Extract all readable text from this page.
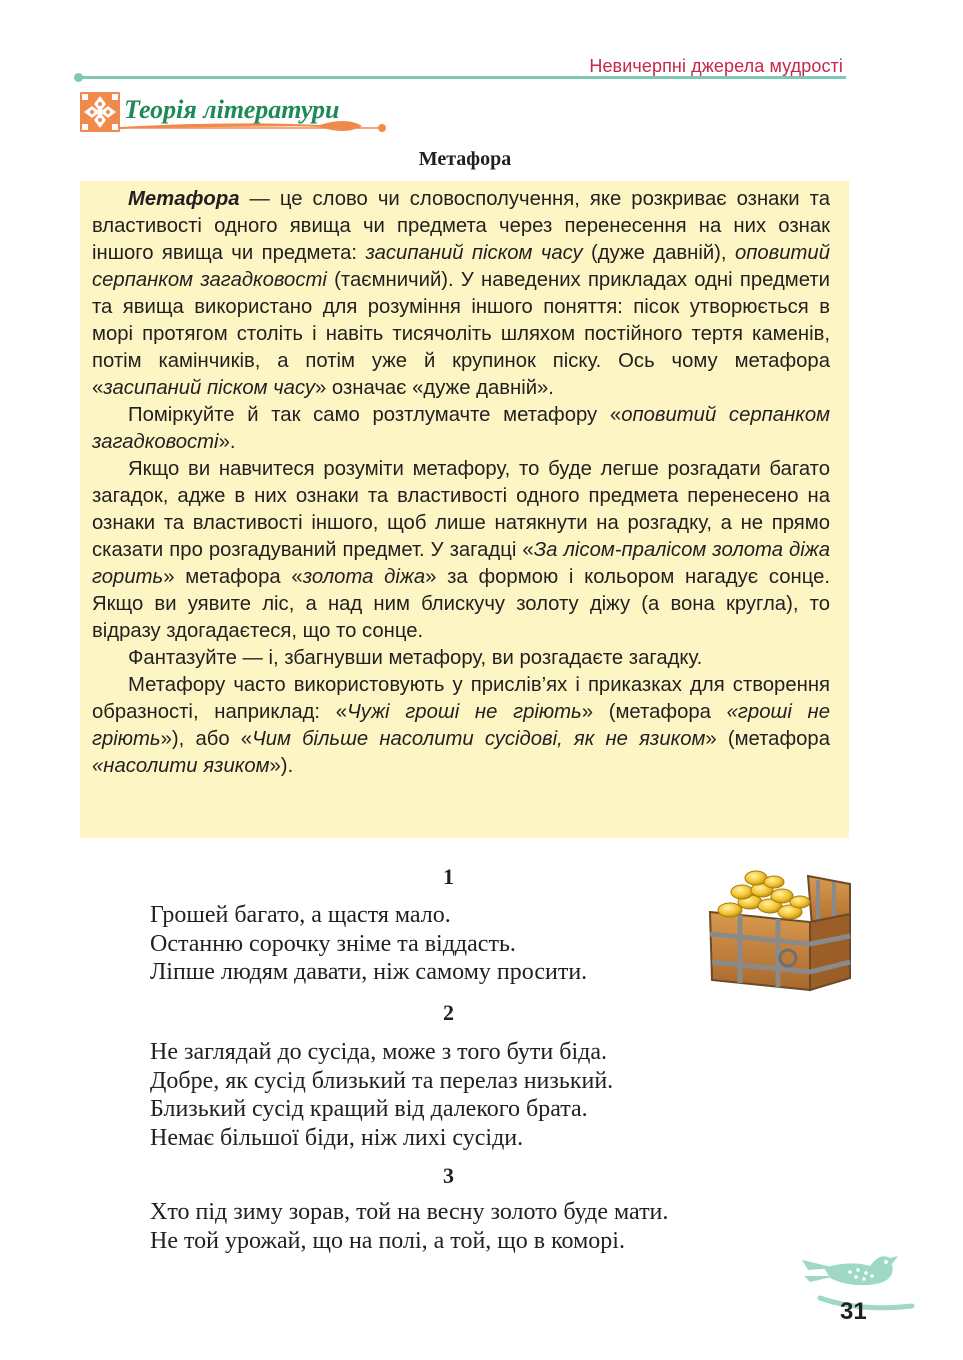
Невичерпні джерела мудрості
Теорія літератури
Метафора

Метафора — це слово чи словосполучення, яке розкриває ознаки та властивості одного явища чи предмета через перенесення на них ознак іншого явища чи предмета: засипаний піском часу (дуже давній), оповитий серпанком загадковості (таємничий). У наведених прикладах одні предмети та явища використано для розуміння іншого поняття: пісок утворюється в морі протягом століть і навіть тисячоліть шляхом постійного тертя каменів, потім камінчиків, а потім уже й крупинок піску. Ось чому метафора «засипаний піском часу» означає «дуже давній».

Поміркуйте й так само розтлумачте метафору «оповитий серпанком загадковості».

Якщо ви навчитеся розуміти метафору, то буде легше розгадати багато загадок, адже в них ознаки та властивості одного предмета перенесено на ознаки та властивості іншого, щоб лише натякнути на розгадку, а не прямо сказати про розгадуваний предмет. У загадці «За лісом-пралісом золота діжа горить» метафора «золота діжа» за формою і кольором нагадує сонце. Якщо ви уявите ліс, а над ним блискучу золоту діжу (а вона кругла), то відразу здогадаєтеся, що то сонце.

Фантазуйте — і, збагнувши метафору, ви розгадаєте загадку.

Метафору часто використовують у прислів’ях і приказках для створення образності, наприклад: «Чужі гроші не гріють» (метафора «гроші не гріють»), або «Чим більше насолити сусідові, як не язиком» (метафора «насолити язиком»).

1
Грошей багато, а щастя мало.
Останню сорочку зніме та віддасть.
Ліпше людям давати, ніж самому просити.
2
Не заглядай до сусіда, може з того бути біда.
Добре, як сусід близький та перелаз низький.
Близький сусід кращий від далекого брата.
Немає більшої біди, ніж лихі сусіди.
3
Хто під зиму зорав, той на весну золото буде мати.
Не той урожай, що на полі, а той, що в коморі.
31
